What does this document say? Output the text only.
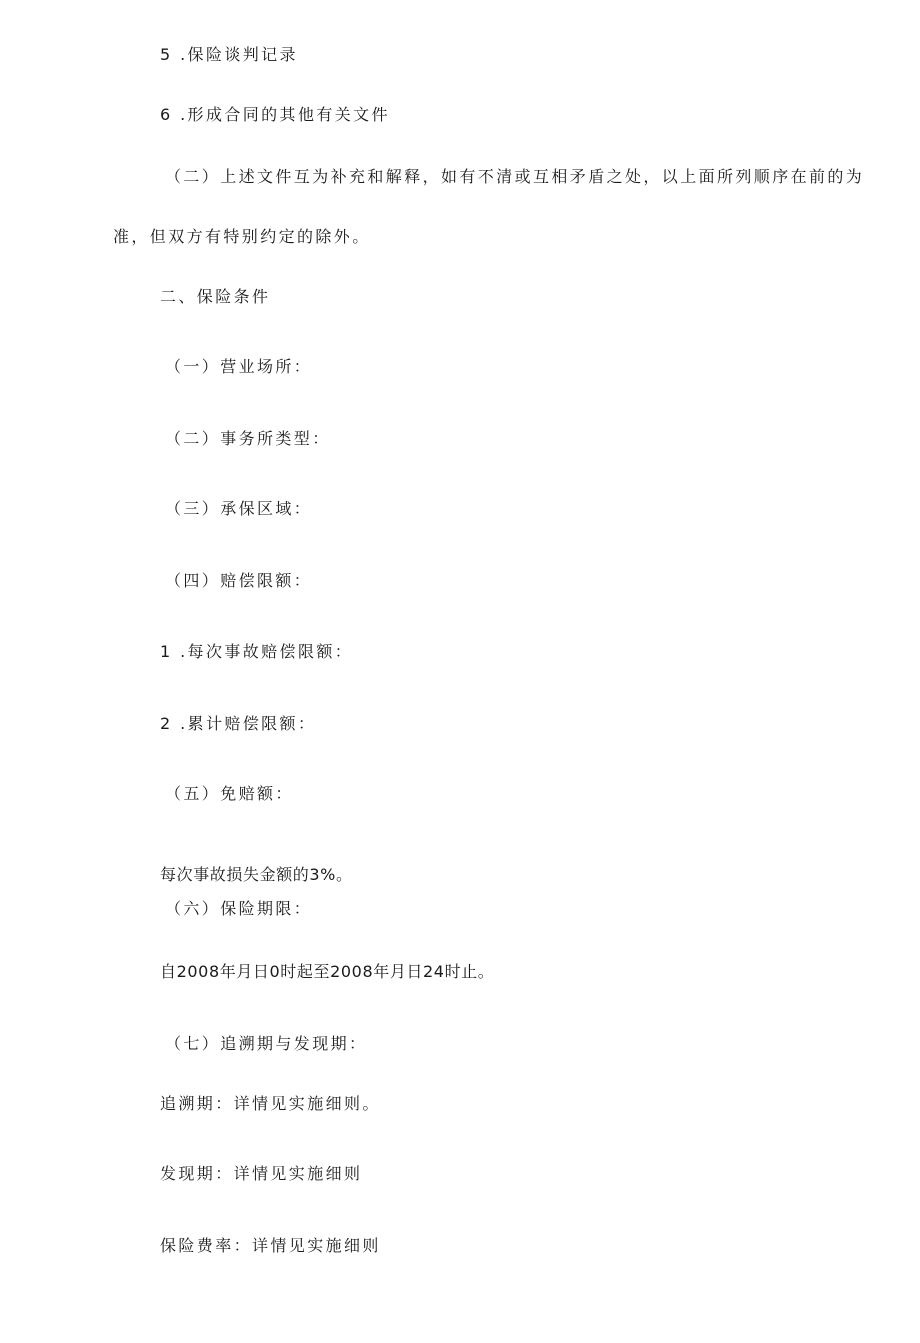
5 .保险谈判记录
6 .形成合同的其他有关文件
（二）上述文件互为补充和解释，如有不清或互相矛盾之处，以上面所列顺序在前的为
准，但双方有特别约定的除外。
二、保险条件
（一）营业场所：
（二）事务所类型：
（三）承保区域：
（四）赔偿限额：
1 .每次事故赔偿限额：
2 .累计赔偿限额：
（五）免赔额：
每次事故损失金额的3%。
（六）保险期限：
自2008年月日0时起至2008年月日24时止。
（七）追溯期与发现期：
追溯期：详情见实施细则。
发现期：详情见实施细则
保险费率：详情见实施细则
